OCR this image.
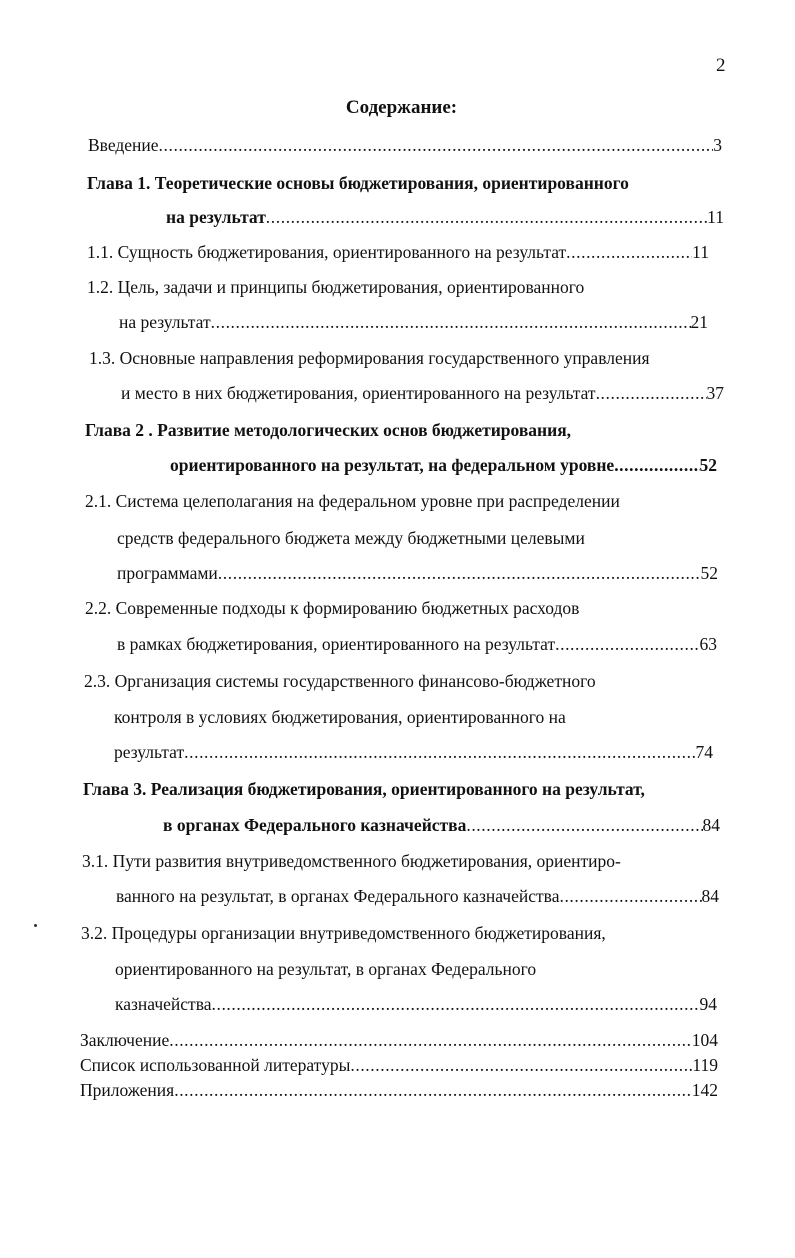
2
Содержание:
Введение .....	3
Глава 1. Теоретические основы бюджетирования, ориентированного
на результат .....	11
1.1. Сущность бюджетирования, ориентированного на результат .....	11
1.2. Цель, задачи и принципы бюджетирования, ориентированного
на результат .....	21
1.3. Основные направления реформирования государственного управления
и место в них бюджетирования, ориентированного на результат .....	37
Глава 2 . Развитие методологических основ бюджетирования,
ориентированного на результат, на федеральном уровне .....	52
2.1. Система целеполагания на федеральном уровне при распределении
средств федерального бюджета между бюджетными целевыми
программами .....	52
2.2. Современные подходы к формированию бюджетных расходов
в рамках бюджетирования, ориентированного на результат .....	63
2.3. Организация системы государственного финансово-бюджетного
контроля в условиях бюджетирования, ориентированного на
результат .....	74
Глава 3. Реализация бюджетирования, ориентированного на результат,
в органах Федерального казначейства .....	84
3.1. Пути развития внутриведомственного бюджетирования, ориентиро-
ванного на результат, в органах Федерального казначейства .....	84
3.2. Процедуры организации внутриведомственного бюджетирования,
ориентированного на результат, в органах Федерального
казначейства .....	94
Заключение .....	104
Список использованной литературы .....	119
Приложения .....	142
